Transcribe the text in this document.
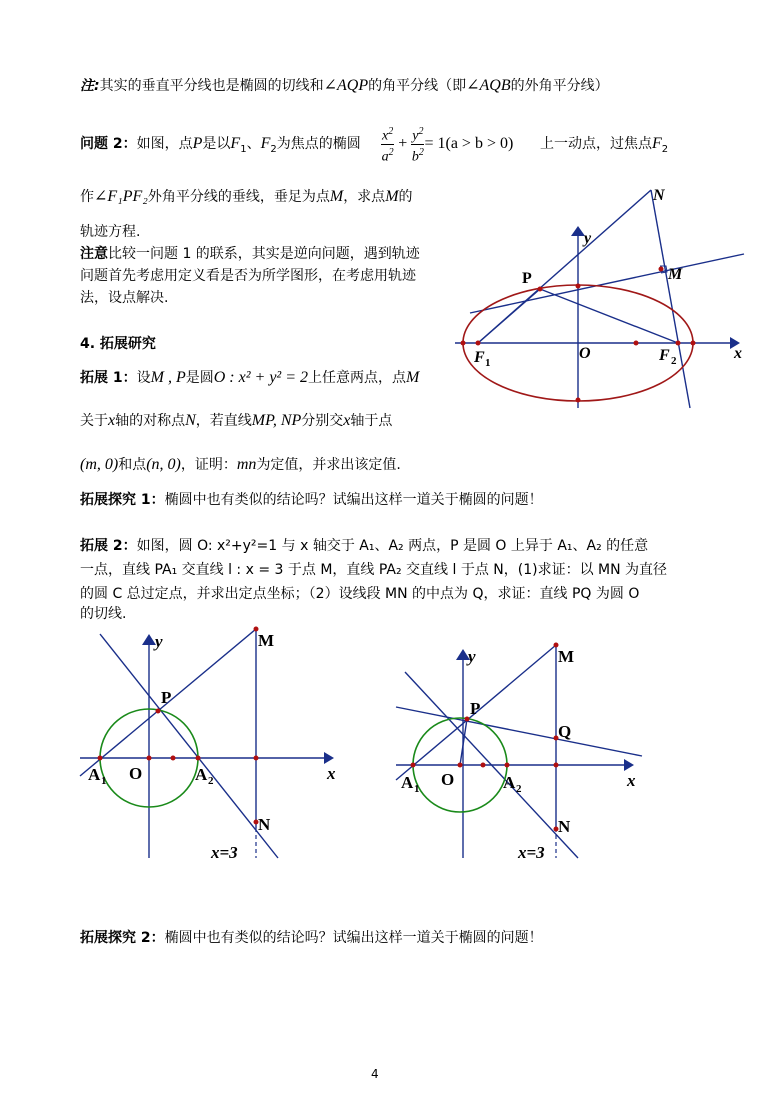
注:其实的垂直平分线也是椭圆的切线和∠AQP的角平分线（即∠AQB的外角平分线）
问题 2：如图，点P是以$F_1$、$F_2$为焦点的椭圆 $\frac{x^2}{a^2} + \frac{y^2}{b^2} = 1(a > b > 0)$ 上一动点，过焦点$F_2$
作∠F₁PF₂外角平分线的垂线，垂足为点M，求点M的
轨迹方程.
注意比较一问题 1 的联系，其实是逆向问题，遇到轨迹
问题首先考虑用定义看是否为所学图形，在考虑用轨迹
法，设点解决.
4. 拓展研究
拓展 1：设M , P是圆O : x² + y² = 2上任意两点，点M
关于x轴的对称点N，若直线MP, NP分别交x轴于点
(m, 0)和点(n, 0)，证明：mn为定值，并求出该定值.
拓展探究 1：椭圆中也有类似的结论吗？试编出这样一道关于椭圆的问题！
拓展 2：如图，圆 O: x²+y²=1 与 x 轴交于 A₁、A₂ 两点，P 是圆 O 上异于 A₁、A₂ 的任意
一点，直线 PA₁ 交直线 l : x = 3 于点 M，直线 PA₂ 交直线 l 于点 N，(1)求证：以 MN 为直径
的圆 C 总过定点，并求出定点坐标；（2）设线段 MN 的中点为 Q，求证：直线 PQ 为圆 O
的切线.
拓展探究 2：椭圆中也有类似的结论吗？试编出这样一道关于椭圆的问题！
4
N
y
P	M
F 1
O	F 2	x
y	M
P
A 1 O	A 2	x
N
x=3
y	M
P
Q
A 1 O	A 2	x
N
x=3
